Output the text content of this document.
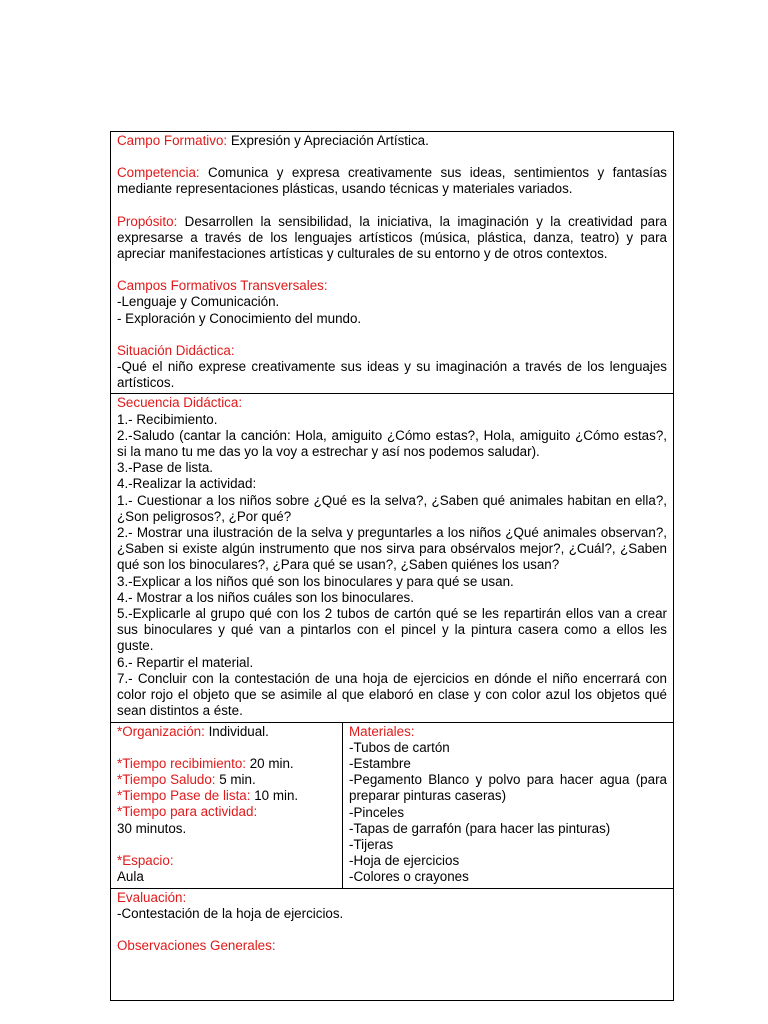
Campo Formativo: Expresión y Apreciación Artística.

Competencia: Comunica y expresa creativamente sus ideas, sentimientos y fantasías mediante representaciones plásticas, usando técnicas y materiales variados.

Propósito: Desarrollen la sensibilidad, la iniciativa, la imaginación y la creatividad para expresarse a través de los lenguajes artísticos (música, plástica, danza, teatro) y para apreciar manifestaciones artísticas y culturales de su entorno y de otros contextos.

Campos Formativos Transversales:

-Lenguaje y Comunicación.

- Exploración y Conocimiento del mundo.

Situación Didáctica:

-Qué el niño exprese creativamente sus ideas y su imaginación a través de los lenguajes artísticos.

Secuencia Didáctica:

1.- Recibimiento.

2.-Saludo (cantar la canción: Hola, amiguito ¿Cómo estas?, Hola, amiguito ¿Cómo estas?, si la mano tu me das yo la voy a estrechar y así nos podemos saludar).

3.-Pase de lista.

4.-Realizar la actividad:

1.- Cuestionar a los niños sobre ¿Qué es la selva?, ¿Saben qué animales habitan en ella?, ¿Son peligrosos?, ¿Por qué?

2.- Mostrar una ilustración de la selva y preguntarles a los niños ¿Qué animales observan?, ¿Saben si existe algún instrumento que nos sirva para obsérvalos mejor?, ¿Cuál?, ¿Saben qué son los binoculares?, ¿Para qué se usan?, ¿Saben quiénes los usan?

3.-Explicar a los niños qué son los binoculares y para qué se usan.

4.- Mostrar a los niños cuáles son los binoculares.

5.-Explicarle al grupo qué con los 2 tubos de cartón qué se les repartirán ellos van a crear sus binoculares y qué van a pintarlos con el pincel y la pintura casera como a ellos les guste.

6.- Repartir el material.

7.- Concluir con la contestación de una hoja de ejercicios en dónde el niño encerrará con color rojo el objeto que se asimile al que elaboró en clase y con color azul los objetos qué sean distintos a éste.

*Organización: Individual.

*Tiempo recibimiento: 20 min.

*Tiempo Saludo: 5 min.

*Tiempo Pase de lista: 10 min.

*Tiempo para actividad:

30 minutos.

*Espacio:

Aula

Materiales:

-Tubos de cartón

-Estambre

-Pegamento Blanco y polvo para hacer agua (para preparar pinturas caseras)

-Pinceles

-Tapas de garrafón (para hacer las pinturas)

-Tijeras

-Hoja de ejercicios

-Colores o crayones

Evaluación:

-Contestación de la hoja de ejercicios.

Observaciones Generales:
